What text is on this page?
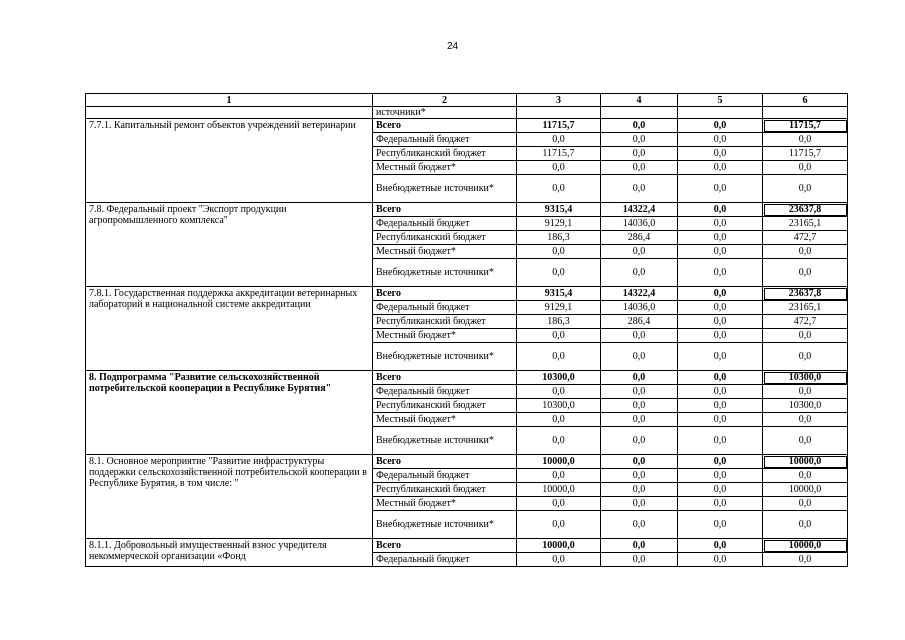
24
1	2	3	4	5	6
	источники*				
7.7.1. Капитальный ремонт объектов учреждений ветеринарии	Всего	11715,7	0,0	0,0	11715,7
	Федеральный бюджет	0,0	0,0	0,0	0,0
	Республиканский бюджет	11715,7	0,0	0,0	11715,7
	Местный бюджет*	0,0	0,0	0,0	0,0
	Внебюджетные источники*	0,0	0,0	0,0	0,0
7.8. Федеральный проект "Экспорт продукции агропромышленного комплекса"	Всего	9315,4	14322,4	0,0	23637,8
	Федеральный бюджет	9129,1	14036,0	0,0	23165,1
	Республиканский бюджет	186,3	286,4	0,0	472,7
	Местный бюджет*	0,0	0,0	0,0	0,0
	Внебюджетные источники*	0,0	0,0	0,0	0,0
7.8.1. Государственная поддержка аккредитации ветеринарных лабораторий в национальной системе аккредитации	Всего	9315,4	14322,4	0,0	23637,8
	Федеральный бюджет	9129,1	14036,0	0,0	23165,1
	Республиканский бюджет	186,3	286,4	0,0	472,7
	Местный бюджет*	0,0	0,0	0,0	0,0
	Внебюджетные источники*	0,0	0,0	0,0	0,0
8. Подпрограмма "Развитие сельскохозяйственной потребительской кооперации в Республике Бурятия"	Всего	10300,0	0,0	0,0	10300,0
	Федеральный бюджет	0,0	0,0	0,0	0,0
	Республиканский бюджет	10300,0	0,0	0,0	10300,0
	Местный бюджет*	0,0	0,0	0,0	0,0
	Внебюджетные источники*	0,0	0,0	0,0	0,0
8.1. Основное мероприятие "Развитие инфраструктуры поддержки сельскохозяйственной потребительской кооперации в Республике Бурятия, в том числе: "	Всего	10000,0	0,0	0,0	10000,0
	Федеральный бюджет	0,0	0,0	0,0	0,0
	Республиканский бюджет	10000,0	0,0	0,0	10000,0
	Местный бюджет*	0,0	0,0	0,0	0,0
	Внебюджетные источники*	0,0	0,0	0,0	0,0
8.1.1. Добровольный имущественный взнос учредителя некоммерческой организации «Фонд	Всего	10000,0	0,0	0,0	10000,0
	Федеральный бюджет	0,0	0,0	0,0	0,0
